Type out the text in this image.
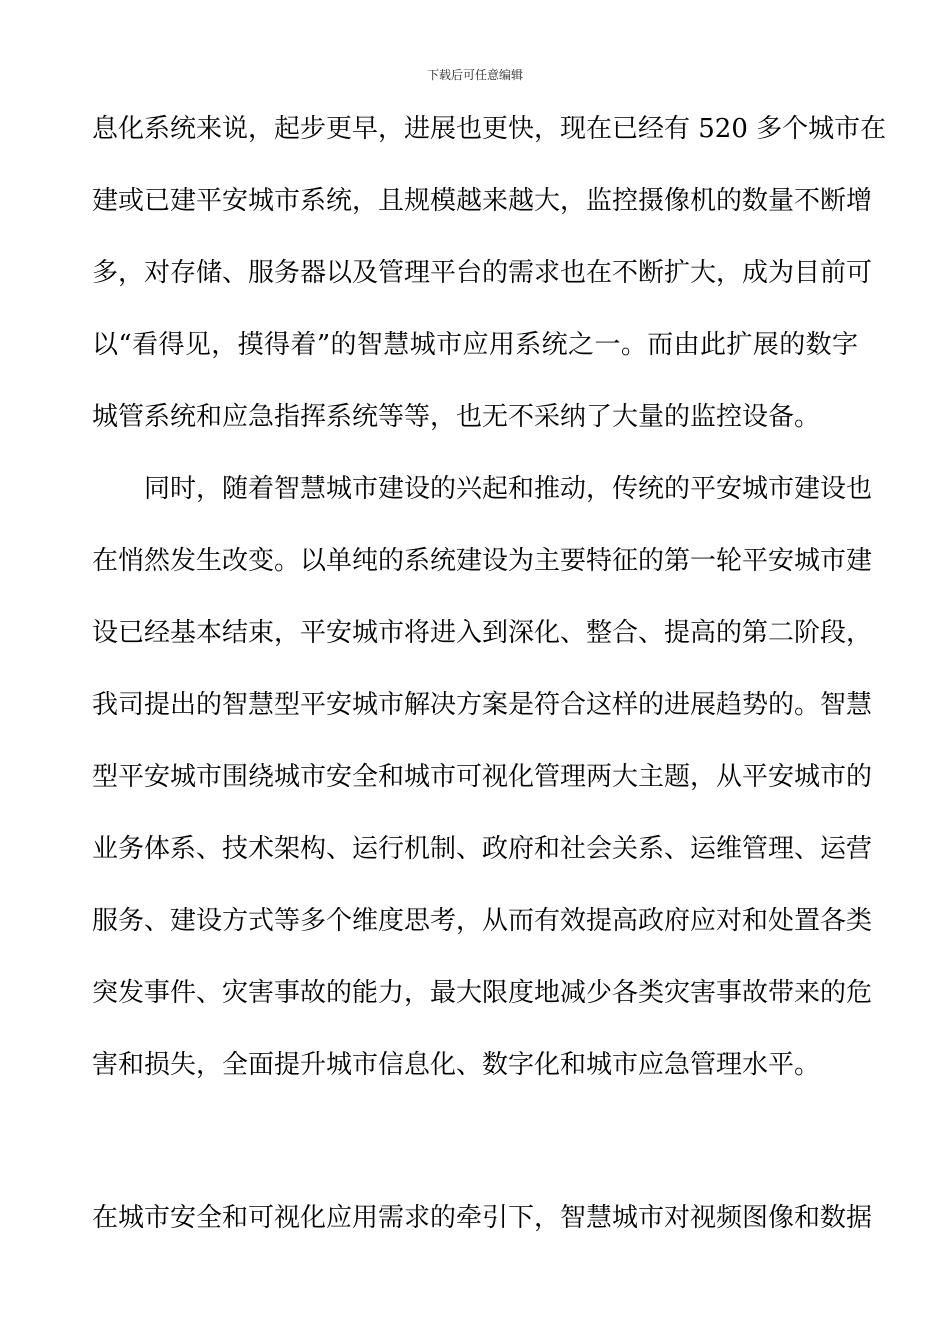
下载后可任意编辑
息化系统来说，起步更早，进展也更快，现在已经有 520 多个城市在
建或已建平安城市系统，且规模越来越大，监控摄像机的数量不断增
多，对存储、服务器以及管理平台的需求也在不断扩大，成为目前可
以“看得见，摸得着”的智慧城市应用系统之一。而由此扩展的数字
城管系统和应急指挥系统等等，也无不采纳了大量的监控设备。
同时，随着智慧城市建设的兴起和推动，传统的平安城市建设也
在悄然发生改变。以单纯的系统建设为主要特征的第一轮平安城市建
设已经基本结束，平安城市将进入到深化、整合、提高的第二阶段，
我司提出的智慧型平安城市解决方案是符合这样的进展趋势的。智慧
型平安城市围绕城市安全和城市可视化管理两大主题，从平安城市的
业务体系、技术架构、运行机制、政府和社会关系、运维管理、运营
服务、建设方式等多个维度思考，从而有效提高政府应对和处置各类
突发事件、灾害事故的能力，最大限度地减少各类灾害事故带来的危
害和损失，全面提升城市信息化、数字化和城市应急管理水平。
在城市安全和可视化应用需求的牵引下，智慧城市对视频图像和数据
